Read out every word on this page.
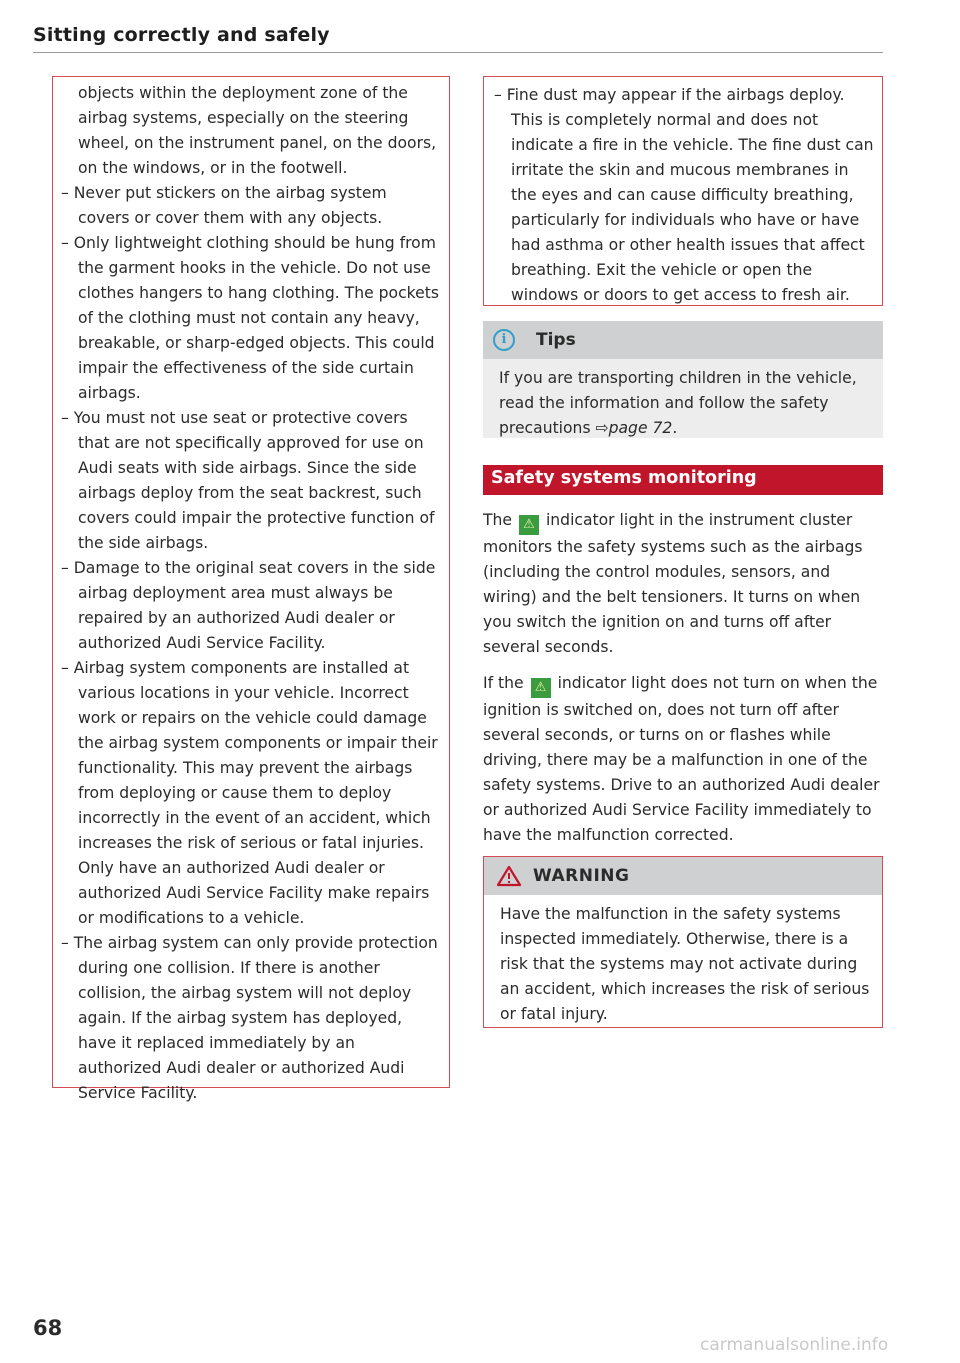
Sitting correctly and safely

objects within the deployment zone of the airbag systems, especially on the steering wheel, on the instrument panel, on the doors, on the windows, or in the footwell.

– Never put stickers on the airbag system covers or cover them with any objects.

– Only lightweight clothing should be hung from the garment hooks in the vehicle. Do not use clothes hangers to hang clothing. The pockets of the clothing must not contain any heavy, breakable, or sharp-edged objects. This could impair the effectiveness of the side curtain airbags.

– You must not use seat or protective covers that are not specifically approved for use on Audi seats with side airbags. Since the side airbags deploy from the seat backrest, such covers could impair the protective function of the side airbags.

– Damage to the original seat covers in the side airbag deployment area must always be repaired by an authorized Audi dealer or authorized Audi Service Facility.

– Airbag system components are installed at various locations in your vehicle. Incorrect work or repairs on the vehicle could damage the airbag system components or impair their functionality. This may prevent the airbags from deploying or cause them to deploy incorrectly in the event of an accident, which increases the risk of serious or fatal injuries. Only have an authorized Audi dealer or authorized Audi Service Facility make repairs or modifications to a vehicle.

– The airbag system can only provide protection during one collision. If there is another collision, the airbag system will not deploy again. If the airbag system has deployed, have it replaced immediately by an authorized Audi dealer or authorized Audi Service Facility.

– Fine dust may appear if the airbags deploy. This is completely normal and does not indicate a fire in the vehicle. The fine dust can irritate the skin and mucous membranes in the eyes and can cause difficulty breathing, particularly for individuals who have or have had asthma or other health issues that affect breathing. Exit the vehicle or open the windows or doors to get access to fresh air.

i	Tips

If you are transporting children in the vehicle, read the information and follow the safety precautions ⇨page 72.

Safety systems monitoring

The ⚠ indicator light in the instrument cluster monitors the safety systems such as the airbags (including the control modules, sensors, and wiring) and the belt tensioners. It turns on when you switch the ignition on and turns off after several seconds.

If the ⚠ indicator light does not turn on when the ignition is switched on, does not turn off after several seconds, or turns on or flashes while driving, there may be a malfunction in one of the safety systems. Drive to an authorized Audi dealer or authorized Audi Service Facility immediately to have the malfunction corrected.

WARNING

Have the malfunction in the safety systems inspected immediately. Otherwise, there is a risk that the systems may not activate during an accident, which increases the risk of serious or fatal injury.

68
carmanualsonline.info
